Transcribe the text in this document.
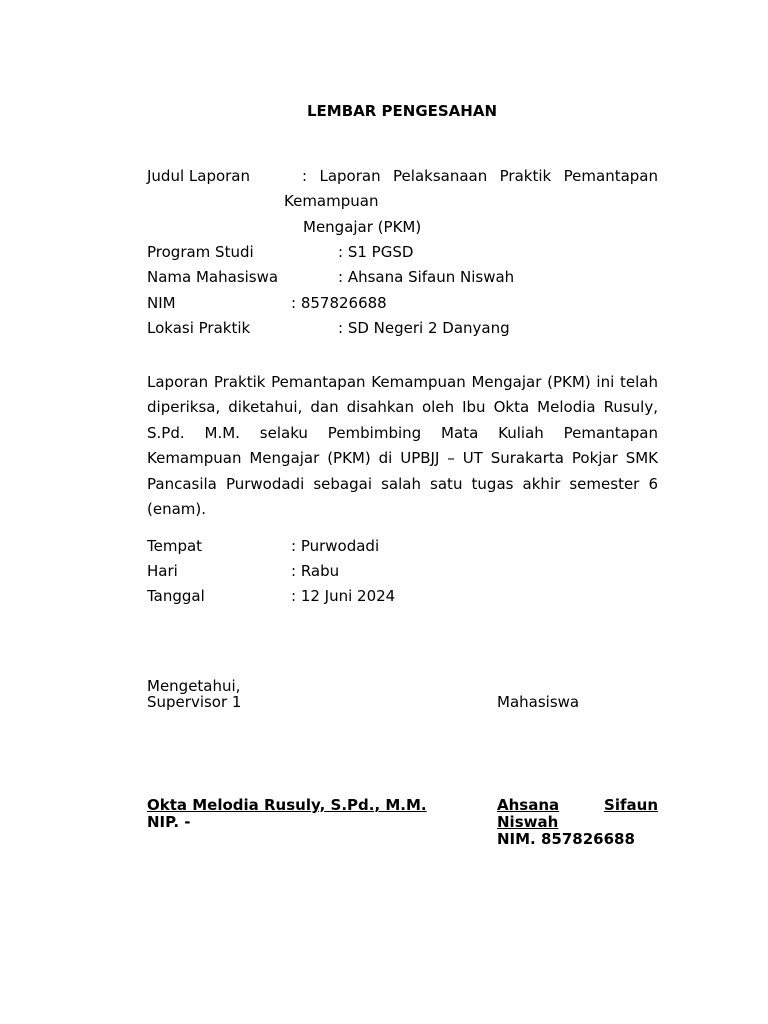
LEMBAR PENGESAHAN
Judul Laporan	: Laporan Pelaksanaan Praktik Pemantapan
Kemampuan
Mengajar (PKM)
Program Studi	: S1 PGSD
Nama Mahasiswa	: Ahsana Sifaun Niswah
NIM	: 857826688
Lokasi Praktik	: SD Negeri 2 Danyang
Laporan Praktik Pemantapan Kemampuan Mengajar (PKM) ini telah diperiksa, diketahui, dan disahkan oleh Ibu Okta Melodia Rusuly, S.Pd. M.M. selaku Pembimbing Mata Kuliah Pemantapan Kemampuan Mengajar (PKM) di UPBJJ – UT Surakarta Pokjar SMK Pancasila Purwodadi sebagai salah satu tugas akhir semester 6 (enam).
Tempat	: Purwodadi
Hari	: Rabu
Tanggal	: 12 Juni 2024
Mengetahui,
Supervisor 1
Okta Melodia Rusuly, S.Pd., M.M.
NIP. -
Mahasiswa
Ahsana	Sifaun
Niswah
NIM. 857826688
